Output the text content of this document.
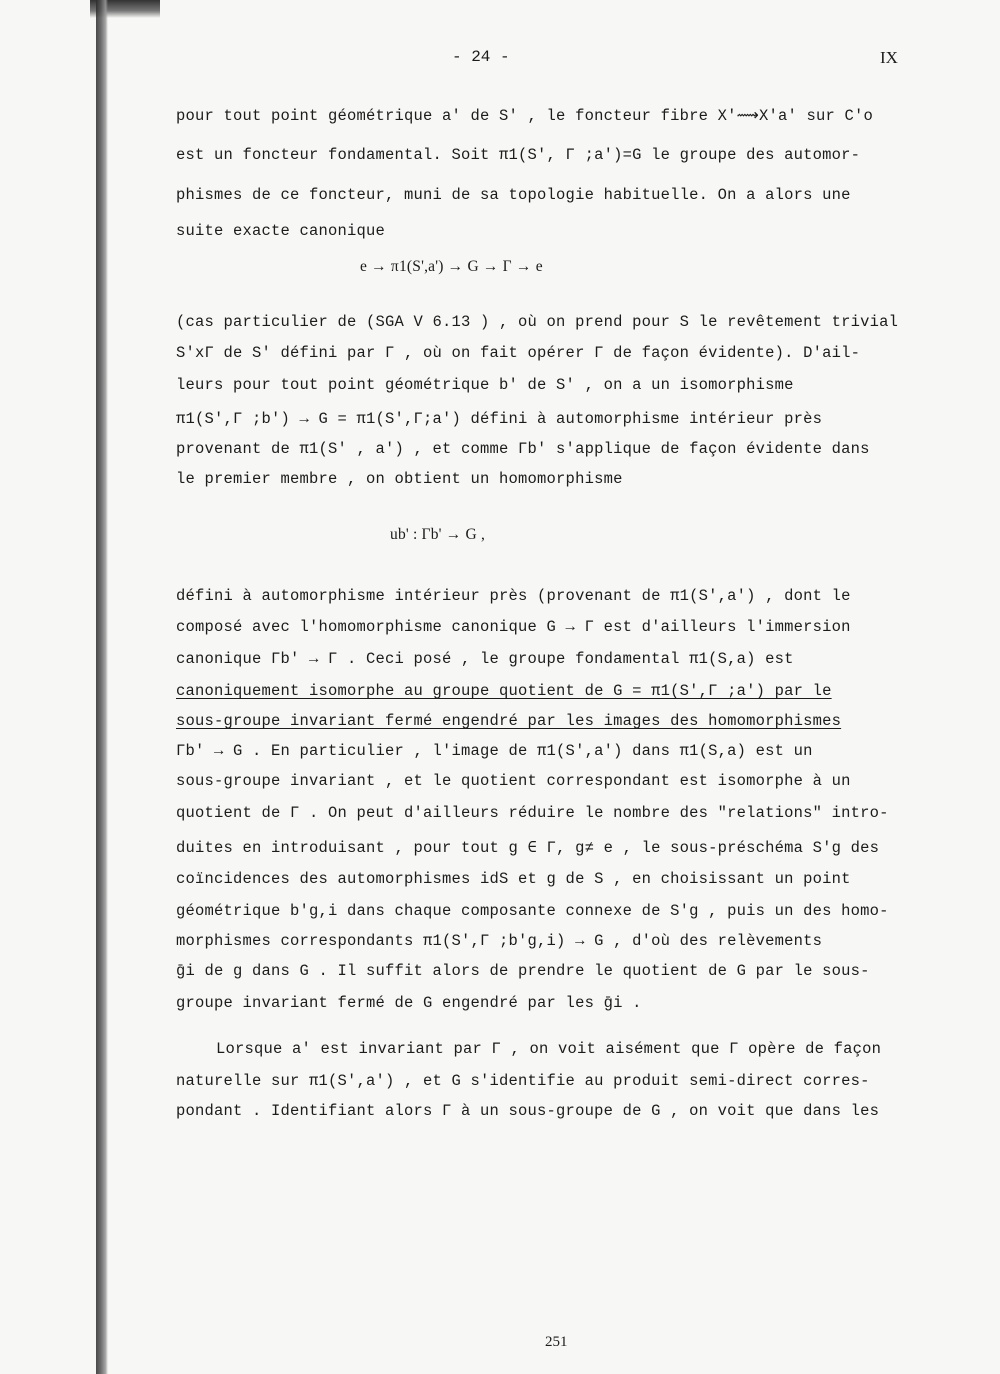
- 24 -	IX
pour tout point géométrique a' de S' , le foncteur fibre X'⟿X'a' sur C'o
est un foncteur fondamental. Soit π1(S', Γ ;a')=G le groupe des automor-
phismes de ce foncteur, muni de sa topologie habituelle. On a alors une
suite exacte canonique
e → π1(S',a') → G → Γ → e
(cas particulier de (SGA V 6.13 ) , où on prend pour S le revêtement trivial
S'xΓ de S' défini par Γ , où on fait opérer Γ de façon évidente). D'ail-
leurs pour tout point géométrique b' de S' , on a un isomorphisme
π1(S',Γ ;b') → G = π1(S',Γ;a') défini à automorphisme intérieur près
provenant de π1(S' , a') , et comme Γb' s'applique de façon évidente dans
le premier membre , on obtient un homomorphisme
ub' : Γb' → G ,
défini à automorphisme intérieur près (provenant de π1(S',a') , dont le
composé avec l'homomorphisme canonique G → Γ est d'ailleurs l'immersion
canonique Γb' → Γ . Ceci posé , le groupe fondamental π1(S,a) est
canoniquement isomorphe au groupe quotient de G = π1(S',Γ ;a') par le
sous-groupe invariant fermé engendré par les images des homomorphismes
Γb' → G . En particulier , l'image de π1(S',a') dans π1(S,a) est un
sous-groupe invariant , et le quotient correspondant est isomorphe à un
quotient de Γ . On peut d'ailleurs réduire le nombre des "relations" intro-
duites en introduisant , pour tout g ∈ Γ, g≠ e , le sous-préschéma S'g des
coïncidences des automorphismes idS et g de S , en choisissant un point
géométrique b'g,i dans chaque composante connexe de S'g , puis un des homo-
morphismes correspondants π1(S',Γ ;b'g,i) → G , d'où des relèvements
ḡi de g dans G . Il suffit alors de prendre le quotient de G par le sous-
groupe invariant fermé de G engendré par les ḡi .
Lorsque a' est invariant par Γ , on voit aisément que Γ opère de façon
naturelle sur π1(S',a') , et G s'identifie au produit semi-direct corres-
pondant . Identifiant alors Γ à un sous-groupe de G , on voit que dans les
251
